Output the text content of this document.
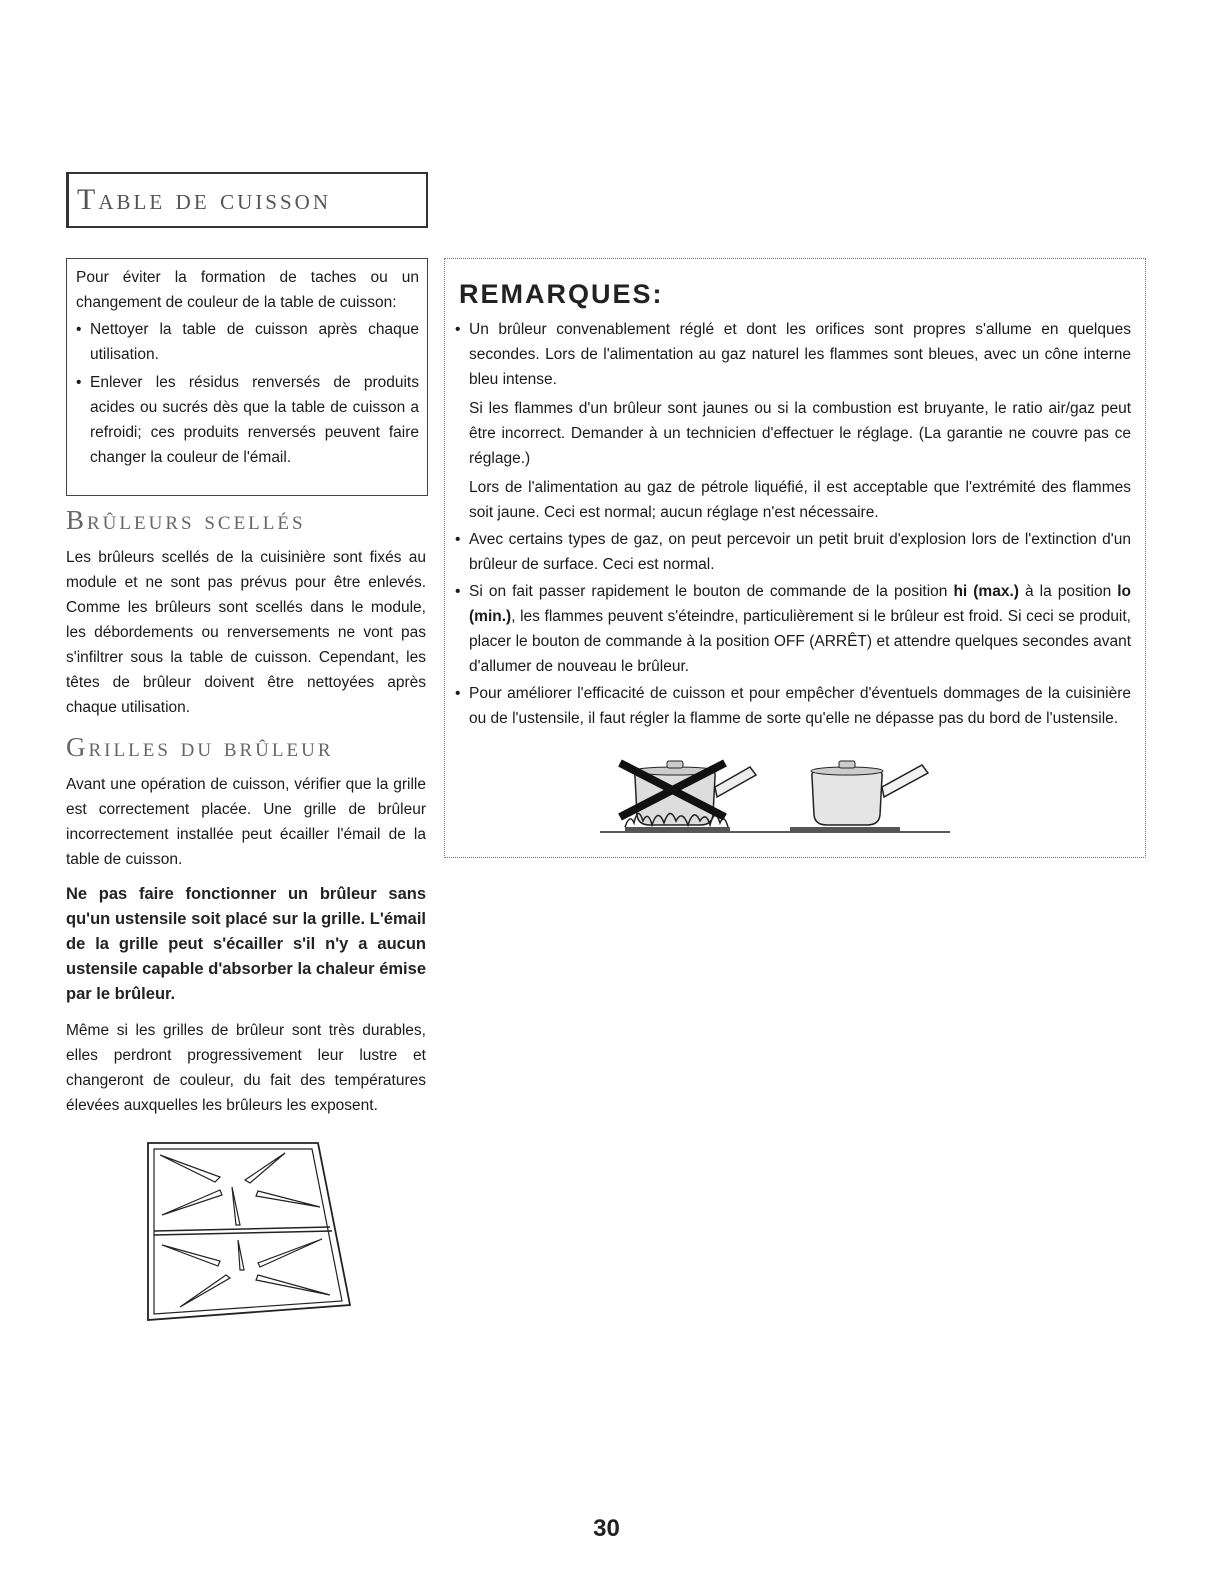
Table de cuisson

Pour éviter la formation de taches ou un changement de couleur de la table de cuisson:

• Nettoyer la table de cuisson après chaque utilisation.
• Enlever les résidus renversés de produits acides ou sucrés dès que la table de cuisson a refroidi; ces produits renversés peuvent faire changer la couleur de l'émail.
Brûleurs scellés

Les brûleurs scellés de la cuisinière sont fixés au module et ne sont pas prévus pour être enlevés. Comme les brûleurs sont scellés dans le module, les débordements ou renversements ne vont pas s'infiltrer sous la table de cuisson. Cependant, les têtes de brûleur doivent être nettoyées après chaque utilisation.

Grilles du brûleur

Avant une opération de cuisson, vérifier que la grille est correctement placée. Une grille de brûleur incorrectement installée peut écailler l'émail de la table de cuisson.

Ne pas faire fonctionner un brûleur sans qu'un ustensile soit placé sur la grille. L'émail de la grille peut s'écailler s'il n'y a aucun ustensile capable d'absorber la chaleur émise par le brûleur.

Même si les grilles de brûleur sont très durables, elles perdront progressivement leur lustre et changeront de couleur, du fait des températures élevées auxquelles les brûleurs les exposent.

REMARQUES:
• Un brûleur convenablement réglé et dont les orifices sont propres s'allume en quelques secondes. Lors de l'alimentation au gaz naturel les flammes sont bleues, avec un cône interne bleu intense.
Si les flammes d'un brûleur sont jaunes ou si la combustion est bruyante, le ratio air/gaz peut être incorrect. Demander à un technicien d'effectuer le réglage. (La garantie ne couvre pas ce réglage.)
Lors de l'alimentation au gaz de pétrole liquéfié, il est acceptable que l'extrémité des flammes soit jaune. Ceci est normal; aucun réglage n'est nécessaire.
• Avec certains types de gaz, on peut percevoir un petit bruit d'explosion lors de l'extinction d'un brûleur de surface. Ceci est normal.
• Si on fait passer rapidement le bouton de commande de la position hi (max.) à la position lo (min.), les flammes peuvent s'éteindre, particulièrement si le brûleur est froid. Si ceci se produit, placer le bouton de commande à la position OFF (ARRÊT) et attendre quelques secondes avant d'allumer de nouveau le brûleur.
• Pour améliorer l'efficacité de cuisson et pour empêcher d'éventuels dommages de la cuisinière ou de l'ustensile, il faut régler la flamme de sorte qu'elle ne dépasse pas du bord de l'ustensile.
30
